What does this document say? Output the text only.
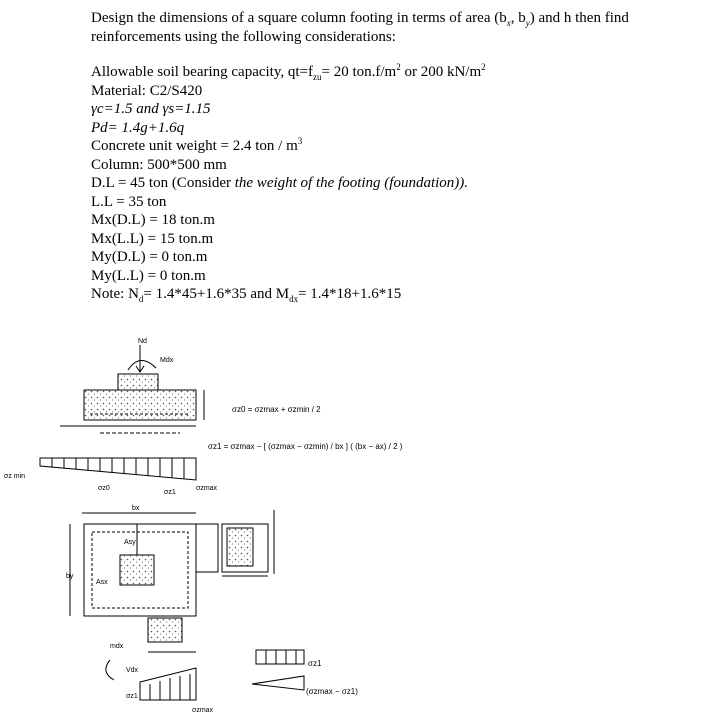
Design the dimensions of a square column footing in terms of area ($b_x$, $b_y$) and h then find
reinforcements using the following considerations:
Allowable soil bearing capacity, $qt=f_{zu}= 20$ $ton.f/m^2$ or 200 $kN/m^2$
Material: C2/S420
γc=1.5 and γs=1.15
Pd= 1.4g+1.6q
Concrete unit weight = 2.4 ton / $m^3$
Column: 500*500 mm
D.L = 45 ton (Consider the weight of the footing (foundation)).
L.L = 35 ton
Mx(D.L) = 18 ton.m
Mx(L.L) = 15 ton.m
My(D.L) = 0 ton.m
My(L.L) = 0 ton.m
Note: $N_d= 1.4*45+1.6*35$ and $M_{dx}= 1.4*18+1.6*15$
Nd
Mdx
σz min
σz0
σz1
σzmax
σz0 = σzmax + σzmin / 2
σz1 = σzmax − [ (σzmax − σzmin) / bx ] ( (bx − ax) / 2 )
by
bx
Asy
Asx
mdx
Vdx
σz1
σzmax
σz1
(σzmax − σz1)
